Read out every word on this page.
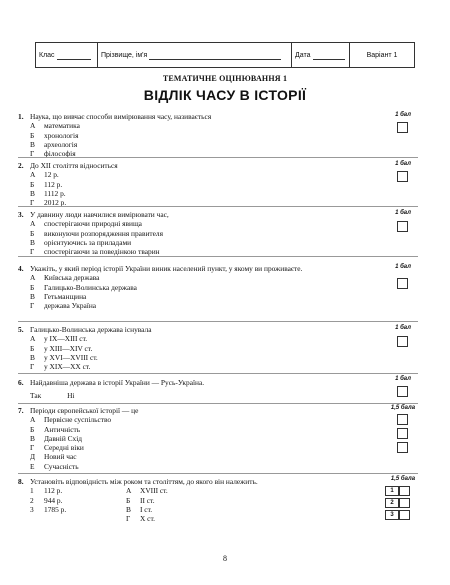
Клас	Прізвище, ім'я	Дата	Варіант 1
ТЕМАТИЧНЕ ОЦІНЮВАННЯ 1
ВІДЛІК ЧАСУ В ІСТОРІЇ
1. Наука, що вивчає способи вимірювання часу, називається
А	математика
Б	хронологія
В	археологія
Г	філософія
1 бал
2. До XII століття відноситься
А	12 р.
Б	112 р.
В	1112 р.
Г	2012 р.
1 бал
3. У давнину люди навчилися вимірювати час,
А	спостерігаючи природні явища
Б	виконуючи розпорядження правителя
В	орієнтуючись за приладами
Г	спостерігаючи за поведінкою тварин
1 бал
4. Укажіть, у який період історії України виник населений пункт, у якому ви проживаєте.
А	Київська держава
Б	Галицько-Волинська держава
В	Гетьманщина
Г	держава Україна
1 бал
5. Галицько-Волинська держава існувала
А	у IX—XIII ст.
Б	у XIII—XIV ст.
В	у XVI—XVIII ст.
Г	у XIX—XX ст.
1 бал
6. Найдавніша держава в історії України — Русь-Україна.
Так	Ні
1 бал
7. Періоди європейської історії — це
А	Первісне суспільство
Б	Античність
В	Давній Схід
Г	Середні віки
Д	Новий час
Е	Сучасність
1,5 бала
8. Установіть відповідність між роком та століттям, до якого він належить.
1	112 р.
2	944 р.
3	1785 р.
А	XVIII ст.
Б	II ст.
В	I ст.
Г	X ст.
1,5 бала
1
2
3
8
